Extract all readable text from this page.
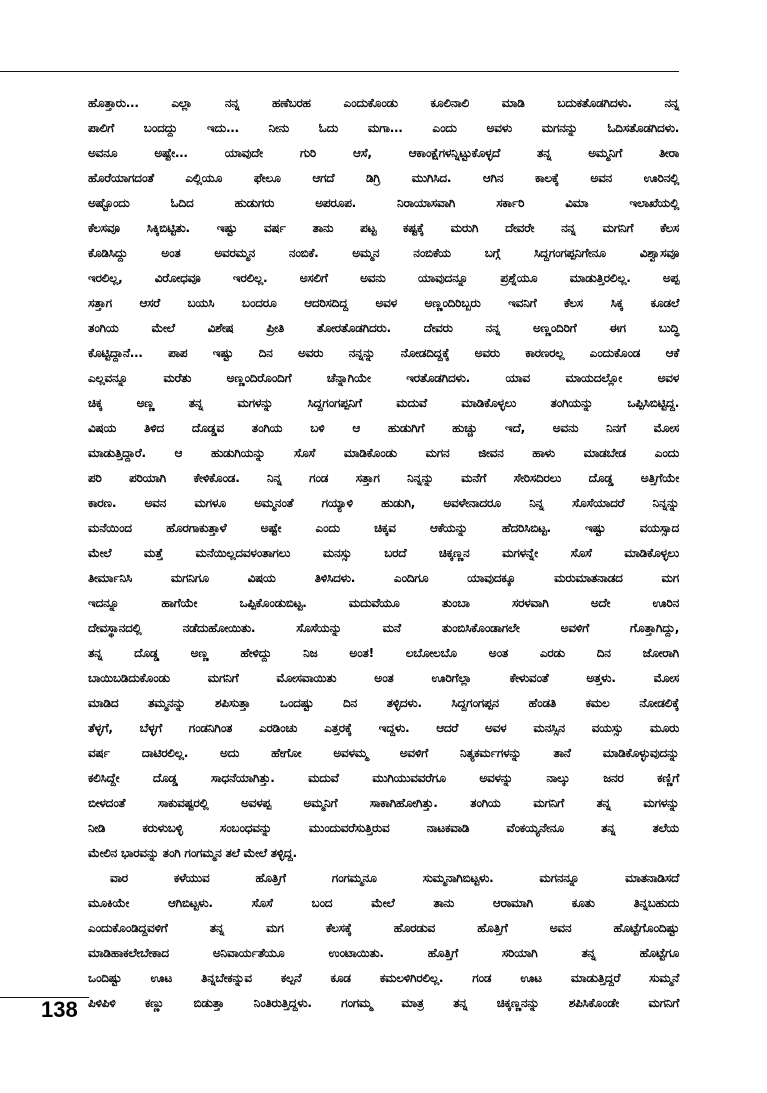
ಹೊತ್ತಾರು... ಎಲ್ಲಾ ನನ್ನ ಹಣೆಬರಹ ಎಂದುಕೊಂಡು ಕೂಲಿನಾಲಿ ಮಾಡಿ ಬದುಕತೊಡಗಿದಳು. ನನ್ನ
ಪಾಲಿಗೆ ಬಂದದ್ದು ಇದು... ನೀನು ಓದು ಮಗಾ... ಎಂದು ಅವಳು ಮಗನನ್ನು ಓದಿಸತೊಡಗಿದಳು.
ಅವನೂ ಅಷ್ಟೇ... ಯಾವುದೇ ಗುರಿ ಆಸೆ, ಆಕಾಂಕ್ಷೆಗಳನ್ನಿಟ್ಟುಕೊಳ್ಳದೆ ತನ್ನ ಅಮ್ಮನಿಗೆ ತೀರಾ
ಹೊರೆಯಾಗದಂತೆ ಎಲ್ಲಿಯೂ ಫೇಲೂ ಆಗದೆ ಡಿಗ್ರಿ ಮುಗಿಸಿದ. ಆಗಿನ ಕಾಲಕ್ಕೆ ಅವನ ಊರಿನಲ್ಲಿ
ಅಷ್ಟೊಂದು ಓದಿದ ಹುಡುಗರು ಅಪರೂಪ. ನಿರಾಯಾಸವಾಗಿ ಸರ್ಕಾರಿ ವಿಮಾ ಇಲಾಖೆಯಲ್ಲಿ
ಕೆಲಸವೂ ಸಿಕ್ಕಿಬಿಟ್ಟಿತು. ಇಷ್ಟು ವರ್ಷ ತಾನು ಪಟ್ಟ ಕಷ್ಟಕ್ಕೆ ಮರುಗಿ ದೇವರೇ ನನ್ನ ಮಗನಿಗೆ ಕೆಲಸ
ಕೊಡಿಸಿದ್ದು ಅಂತ ಅವರಮ್ಮನ ನಂಬಿಕೆ. ಅಮ್ಮನ ನಂಬಿಕೆಯ ಬಗ್ಗೆ ಸಿದ್ದಗಂಗಪ್ಪನಿಗೇನೂ ವಿಶ್ವಾಸವೂ
ಇರಲಿಲ್ಲ, ವಿರೋಧವೂ ಇರಲಿಲ್ಲ. ಅಸಲಿಗೆ ಅವನು ಯಾವುದನ್ನೂ ಪ್ರಶ್ನೆಯೂ ಮಾಡುತ್ತಿರಲಿಲ್ಲ. ಅಪ್ಪ
ಸತ್ತಾಗ ಆಸರೆ ಬಯಸಿ ಬಂದರೂ ಆದರಿಸದಿದ್ದ ಅವಳ ಅಣ್ಣಂದಿರಿಬ್ಬರು ಇವನಿಗೆ ಕೆಲಸ ಸಿಕ್ಕ ಕೂಡಲೆ
ತಂಗಿಯ ಮೇಲೆ ವಿಶೇಷ ಪ್ರೀತಿ ತೋರತೊಡಗಿದರು. ದೇವರು ನನ್ನ ಅಣ್ಣಂದಿರಿಗೆ ಈಗ ಬುದ್ಧಿ
ಕೊಟ್ಟಿದ್ದಾನೆ... ಪಾಪ ಇಷ್ಟು ದಿನ ಅವರು ನನ್ನನ್ನು ನೋಡದಿದ್ದಕ್ಕೆ ಅವರು ಕಾರಣರಲ್ಲ ಎಂದುಕೊಂಡ ಆಕೆ
ಎಲ್ಲವನ್ನೂ ಮರೆತು ಅಣ್ಣಂದಿರೊಂದಿಗೆ ಚೆನ್ನಾಗಿಯೇ ಇರತೊಡಗಿದಳು. ಯಾವ ಮಾಯದಲ್ಲೋ ಅವಳ
ಚಿಕ್ಕ ಅಣ್ಣ ತನ್ನ ಮಗಳನ್ನು ಸಿದ್ದಗಂಗಪ್ಪನಿಗೆ ಮದುವೆ ಮಾಡಿಕೊಳ್ಳಲು ತಂಗಿಯನ್ನು ಒಪ್ಪಿಸಿಬಿಟ್ಟಿದ್ದ.
ವಿಷಯ ತಿಳಿದ ದೊಡ್ಡವ ತಂಗಿಯ ಬಳಿ ಆ ಹುಡುಗಿಗೆ ಹುಚ್ಚು ಇದೆ, ಅವನು ನಿನಗೆ ಮೋಸ
ಮಾಡುತ್ತಿದ್ದಾರೆ. ಆ ಹುಡುಗಿಯನ್ನು ಸೊಸೆ ಮಾಡಿಕೊಂಡು ಮಗನ ಜೀವನ ಹಾಳು ಮಾಡಬೇಡ ಎಂದು
ಪರಿ ಪರಿಯಾಗಿ ಕೇಳಿಕೊಂಡ. ನಿನ್ನ ಗಂಡ ಸತ್ತಾಗ ನಿನ್ನನ್ನು ಮನೆಗೆ ಸೇರಿಸದಿರಲು ದೊಡ್ಡ ಅತ್ತಿಗೆಯೇ
ಕಾರಣ. ಅವನ ಮಗಳೂ ಅಮ್ಮನಂತೆ ಗಯ್ಯಾಳಿ ಹುಡುಗಿ, ಅವಳೇನಾದರೂ ನಿನ್ನ ಸೊಸೆಯಾದರೆ ನಿನ್ನನ್ನು
ಮನೆಯಿಂದ ಹೊರಗಾಕುತ್ತಾಳೆ ಅಷ್ಟೇ ಎಂದು ಚಿಕ್ಕವ ಆಕೆಯನ್ನು ಹೆದರಿಸಿಬಿಟ್ಟ. ಇಷ್ಟು ವಯಸ್ಸಾದ
ಮೇಲೆ ಮತ್ತೆ ಮನೆಯಿಲ್ಲದವಳಂತಾಗಲು ಮನಸ್ಸು ಬರದೆ ಚಿಕ್ಕಣ್ಣನ ಮಗಳನ್ನೇ ಸೊಸೆ ಮಾಡಿಕೊಳ್ಳಲು
ತೀರ್ಮಾನಿಸಿ ಮಗನಿಗೂ ವಿಷಯ ತಿಳಿಸಿದಳು. ಎಂದಿಗೂ ಯಾವುದಕ್ಕೂ ಮರುಮಾತನಾಡದ ಮಗ
ಇದನ್ನೂ ಹಾಗೆಯೇ ಒಪ್ಪಿಕೊಂಡುಬಿಟ್ಟ. ಮದುವೆಯೂ ತುಂಬಾ ಸರಳವಾಗಿ ಅದೇ ಊರಿನ
ದೇವಸ್ಥಾನದಲ್ಲಿ ನಡೆದುಹೋಯಿತು. ಸೊಸೆಯನ್ನು ಮನೆ ತುಂಬಿಸಿಕೊಂಡಾಗಲೇ ಅವಳಿಗೆ ಗೊತ್ತಾಗಿದ್ದು,
ತನ್ನ ದೊಡ್ಡ ಅಣ್ಣ ಹೇಳಿದ್ದು ನಿಜ ಅಂತ! ಲಬೋಲಬೊ ಅಂತ ಎರಡು ದಿನ ಜೋರಾಗಿ
ಬಾಯಿಬಡಿದುಕೊಂಡು ಮಗನಿಗೆ ಮೋಸವಾಯಿತು ಅಂತ ಊರಿಗೆಲ್ಲಾ ಕೇಳುವಂತೆ ಅತ್ತಳು. ಮೋಸ
ಮಾಡಿದ ತಮ್ಮನನ್ನು ಶಪಿಸುತ್ತಾ ಒಂದಷ್ಟು ದಿನ ತಳ್ಳಿದಳು. ಸಿದ್ದಗಂಗಪ್ಪನ ಹೆಂಡತಿ ಕಮಲ ನೋಡಲಿಕ್ಕೆ
ತೆಳ್ಳಗೆ, ಬೆಳ್ಳಗೆ ಗಂಡನಿಗಿಂತ ಎರಡಿಂಚು ಎತ್ತರಕ್ಕೆ ಇದ್ದಳು. ಆದರೆ ಅವಳ ಮನಸ್ಸಿನ ವಯಸ್ಸು ಮೂರು
ವರ್ಷ ದಾಟಿರಲಿಲ್ಲ. ಅದು ಹೇಗೋ ಅವಳಮ್ಮ ಅವಳಿಗೆ ನಿತ್ಯಕರ್ಮಗಳನ್ನು ತಾನೆ ಮಾಡಿಕೊಳ್ಳುವುದನ್ನು
ಕಲಿಸಿದ್ದೇ ದೊಡ್ಡ ಸಾಧನೆಯಾಗಿತ್ತು. ಮದುವೆ ಮುಗಿಯುವವರೆಗೂ ಅವಳನ್ನು ನಾಲ್ಕು ಜನರ ಕಣ್ಣಿಗೆ
ಬೀಳದಂತೆ ಸಾಕುವಷ್ಟರಲ್ಲಿ ಅವಳಪ್ಪ ಅಮ್ಮನಿಗೆ ಸಾಕಾಗಿಹೋಗಿತ್ತು. ತಂಗಿಯ ಮಗನಿಗೆ ತನ್ನ ಮಗಳನ್ನು
ನೀಡಿ ಕರುಳುಬಳ್ಳಿ ಸಂಬಂಧವನ್ನು ಮುಂದುವರೆಸುತ್ತಿರುವ ನಾಟಕವಾಡಿ ವೆಂಕಯ್ಯನೇನೂ ತನ್ನ ತಲೆಯ
ಮೇಲಿನ ಭಾರವನ್ನು ತಂಗಿ ಗಂಗಮ್ಮನ ತಲೆ ಮೇಲೆ ತಳ್ಳಿದ್ದ.
ವಾರ ಕಳೆಯುವ ಹೊತ್ತಿಗೆ ಗಂಗಮ್ಮನೂ ಸುಮ್ಮನಾಗಿಬಿಟ್ಟಳು. ಮಗನನ್ನೂ ಮಾತನಾಡಿಸದೆ
ಮೂಕಿಯೇ ಆಗಿಬಿಟ್ಟಳು. ಸೊಸೆ ಬಂದ ಮೇಲೆ ತಾನು ಆರಾಮಾಗಿ ಕೂತು ತಿನ್ನಬಹುದು
ಎಂದುಕೊಂಡಿದ್ದವಳಿಗೆ ತನ್ನ ಮಗ ಕೆಲಸಕ್ಕೆ ಹೊರಡುವ ಹೊತ್ತಿಗೆ ಅವನ ಹೊಟ್ಟೆಗೊಂದಿಷ್ಟು
ಮಾಡಿಹಾಕಲೇಬೇಕಾದ ಅನಿವಾರ್ಯತೆಯೂ ಉಂಟಾಯಿತು. ಹೊತ್ತಿಗೆ ಸರಿಯಾಗಿ ತನ್ನ ಹೊಟ್ಟೆಗೂ
ಒಂದಿಷ್ಟು ಊಟ ತಿನ್ನಬೇಕನ್ನುವ ಕಲ್ಪನೆ ಕೂಡ ಕಮಲಳಿಗಿರಲಿಲ್ಲ. ಗಂಡ ಊಟ ಮಾಡುತ್ತಿದ್ದರೆ ಸುಮ್ಮನೆ
ಪಿಳಿಪಿಳಿ ಕಣ್ಣು ಬಿಡುತ್ತಾ ನಿಂತಿರುತ್ತಿದ್ದಳು. ಗಂಗಮ್ಮ ಮಾತ್ರ ತನ್ನ ಚಿಕ್ಕಣ್ಣನನ್ನು ಶಪಿಸಿಕೊಂಡೇ ಮಗನಿಗೆ
138
